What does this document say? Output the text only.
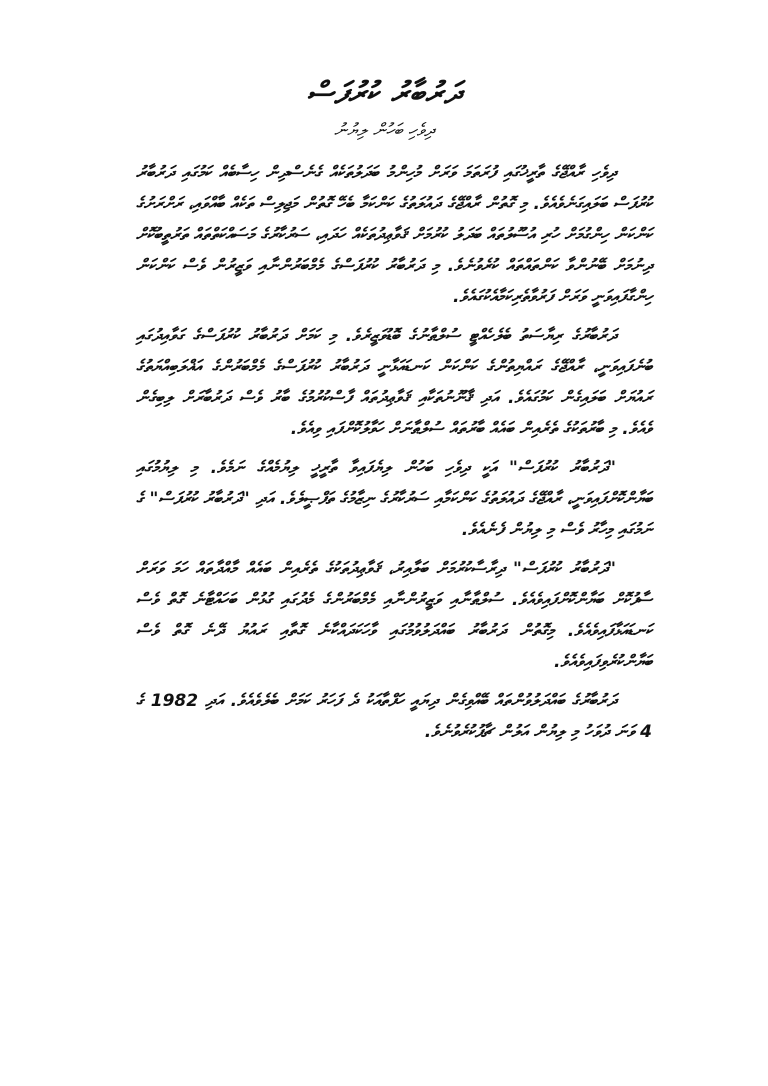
ދަރުބާރު ކުރުފަސް
ދިވެހި ބަހުން ލިޔުނު

ދިވެހި ރާއްޖޭގެ ތާރީޚުގައި ފުރަތަމަ ވަރަށް މުހިންމު ބަދަލުތަކެއް ގެނެސްދިން ހިސާބެއް ކަމުގައި ދަރުބާރު ކުރުފަސް ބަލައިގަނެވެއެވެ. މި ގޮތުން ރާއްޖޭގެ ދައުލަތުގެ ކަންކަމާ ބެހޭ ގޮތުން މަޖިލިސް ތަކެއް ބާއްވައި، ރަށްރަށުގެ ކަންކަން ހިންގުމަށް ހުރި އުސޫލުތައް ބަދަލު ކުރުމަށް ޤަވާޢިދުތަކެއް ހަދައި، ސަރުކާރުގެ މަސައްކަތްތައް ތަރުތީބުކޮށް ދިނުމަށް ބޭނުންވާ ކަންތައްތައް ކުރެވުނެވެ. މި ދަރުބާރު ކުރުފަސްގެ މެމްބަރުންނާއި ވަޒީރުން ވެސް ކަންކަން ހިންގާފައިވަނީ ވަރަށް ފަރުވާތެރިކަމާއެކުގައެވެ.

ދަރުބާރުގެ ރިޔާސަތު ބެލެހެއްޓީ ސުލްޠާނުގެ ބޮޑުވަޒީރެވެ. މި ކަމަށް ދަރުބާރު ކުރުފަސްގެ ގަވާއިދުގައި ބުނެފައިވަނީ، ރާއްޖޭގެ ރައްޔިތުންގެ ކަންކަން ކަނޑައަޅާނީ ދަރުބާރު ކުރުފަސްގެ މެމްބަރުންގެ އަޣްލަބިއްޔަތުގެ ރައުޔަށް ބަލައިގެން ކަމުގައެވެ. އަދި ޤާނޫނުތަކާއި ޤަވާޢިދުތައް ފާސްކުރުމުގެ ބާރު ވެސް ދަރުބާރަށް ލިބިގެން ވެއެވެ. މި ބާރުތަކުގެ ތެރެއިން ބައެއް ބާރުތައް ސުލްޠާނަށް ހަވާލުކޮށްފައި ވިއެވެ.

"ދަރުބާރު ކުރުފަސް" އަކީ ދިވެހި ބަހުން ލިޔެފައިވާ ތާރީޚީ ލިޔުމެއްގެ ނަމެވެ. މި ލިޔުމުގައި ބަޔާންކޮށްފައިވަނީ، ރާއްޖޭގެ ދައުލަތުގެ ކަންކަމާއި ސަރުކާރުގެ ނިޒާމުގެ ތަފްޞީލެވެ. އަދި "ދަރުބާރު ކުރުފަސް" ގެ ނަމުގައި މިހާރު ވެސް މި ލިޔުން ފެނެއެވެ.

"ދަރުބާރު ކުރުފަސް" ދިރާސާކުރުމަށް ބަލާއިރު، ޤަވާޢިދުތަކުގެ ތެރެއިން ބައެއް މާއްދާތައް ހަމަ ވަރަށް ސާފުކޮށް ބަޔާންކޮށްފައިވެއެވެ. ސުލްޠާނާއި ވަޒީރުންނާއި މެމްބަރުންގެ މެދުގައި ގުޅުން ބަހައްޓާނެ ގޮތް ވެސް ކަނޑައަޅާފައިވެއެވެ. މިގޮތުން ދަރުބާރު ބައްދަލުވުމުގައި ވާހަކަދައްކާނެ ގޮތާއި ރައުޔު ދޭނެ ގޮތް ވެސް ބަޔާންކުރެވިފައިވެއެވެ.

ދަރުބާރުގެ ބައްދަލުވުންތައް ބޭއްވިގެން ދިޔައީ ހަފްތާއަކު ދެ ފަހަރު ކަމަށް ބެލެވެއެވެ. އަދި 1982 ގެ 4 ވަނަ ދުވަހު މި ލިޔުން އަލުން ޗާޕުކުރެވުނެވެ.
